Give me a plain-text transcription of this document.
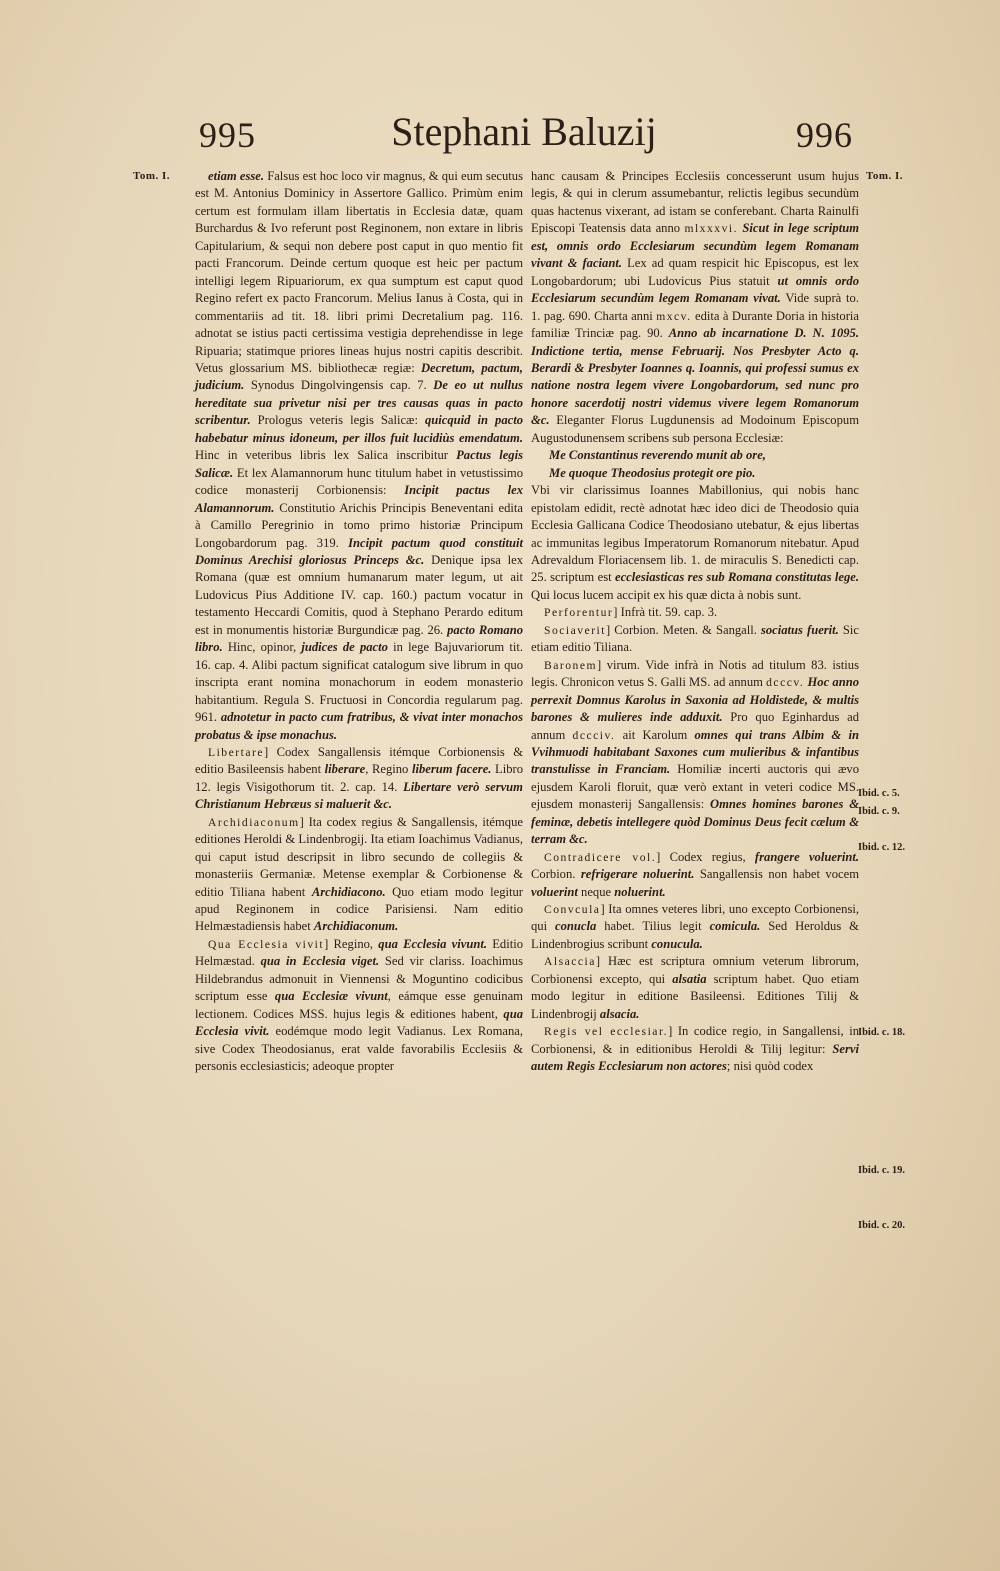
995	Stephani Baluzij	996
Tom. I.	Tom. I.

etiam esse. Falsus est hoc loco vir magnus, & qui eum secutus est M. Antonius Dominicy in Assertore Gallico. Primùm enim certum est formulam illam libertatis in Ecclesia datæ, quam Burchardus & Ivo referunt post Reginonem, non extare in libris Capitularium, & sequi non debere post caput in quo mentio fit pacti Francorum. Deinde certum quoque est heic per pactum intelligi legem Ripuariorum, ex qua sumptum est caput quod Regino refert ex pacto Francorum. Melius Ianus à Costa, qui in commentariis ad tit. 18. libri primi Decretalium pag. 116. adnotat se istius pacti certissima vestigia deprehendisse in lege Ripuaria; statimque priores lineas hujus nostri capitis describit. Vetus glossarium MS. bibliothecæ regiæ: Decretum, pactum, judicium. Synodus Dingolvingensis cap. 7. De eo ut nullus hereditate sua privetur nisi per tres causas quas in pacto scribentur. Prologus veteris legis Salicæ: quicquid in pacto habebatur minus idoneum, per illos fuit lucidiùs emendatum. Hinc in veteribus libris lex Salica inscribitur Pactus legis Salicæ. Et lex Alamannorum hunc titulum habet in vetustissimo codice monasterij Corbionensis: Incipit pactus lex Alamannorum. Constitutio Arichis Principis Beneventani edita à Camillo Peregrinio in tomo primo historiæ Principum Longobardorum pag. 319. Incipit pactum quod constituit Dominus Arechisi gloriosus Princeps &c. Denique ipsa lex Romana (quæ est omnium humanarum mater legum, ut ait Ludovicus Pius Additione IV. cap. 160.) pactum vocatur in testamento Heccardi Comitis, quod à Stephano Perardo editum est in monumentis historiæ Burgundicæ pag. 26. pacto Romano libro. Hinc, opinor, judices de pacto in lege Bajuvariorum tit. 16. cap. 4. Alibi pactum significat catalogum sive librum in quo inscripta erant nomina monachorum in eodem monasterio habitantium. Regula S. Fructuosi in Concordia regularum pag. 961. adnotetur in pacto cum fratribus, & vivat inter monachos probatus & ipse monachus.

Libertare] Codex Sangallensis itémque Corbionensis & editio Basileensis habent liberare, Regino liberum facere. Libro 12. legis Visigothorum tit. 2. cap. 14. Libertare verò servum Christianum Hebræus si maluerit &c.

Archidiaconum] Ita codex regius & Sangallensis, itémque editiones Heroldi & Lindenbrogij. Ita etiam Ioachimus Vadianus, qui caput istud descripsit in libro secundo de collegiis & monasteriis Germaniæ. Metense exemplar & Corbionense & editio Tiliana habent Archidiacono. Quo etiam modo legitur apud Reginonem in codice Parisiensi. Nam editio Helmæstadiensis habet Archidiaconum.

Qua Ecclesia vivit] Regino, qua Ecclesia vivunt. Editio Helmæstad. qua in Ecclesia viget. Sed vir clariss. Ioachimus Hildebrandus admonuit in Viennensi & Moguntino codicibus scriptum esse qua Ecclesiæ vivunt, eámque esse genuinam lectionem. Codices MSS. hujus legis & editiones habent, qua Ecclesia vivit. eodémque modo legit Vadianus. Lex Romana, sive Codex Theodosianus, erat valde favorabilis Ecclesiis & personis ecclesiasticis; adeoque propter

hanc causam & Principes Ecclesiis concesserunt usum hujus legis, & qui in clerum assumebantur, relictis legibus secundùm quas hactenus vixerant, ad istam se conferebant. Charta Rainulfi Episcopi Teatensis data anno mlxxxvi. Sicut in lege scriptum est, omnis ordo Ecclesiarum secundùm legem Romanam vivant & faciant. Lex ad quam respicit hic Episcopus, est lex Longobardorum; ubi Ludovicus Pius statuit ut omnis ordo Ecclesiarum secundùm legem Romanam vivat. Vide suprà to. 1. pag. 690. Charta anni mxcv. edita à Durante Doria in historia familiæ Trinciæ pag. 90. Anno ab incarnatione D. N. 1095. Indictione tertia, mense Februarij. Nos Presbyter Acto q. Berardi & Presbyter Ioannes q. Ioannis, qui professi sumus ex natione nostra legem vivere Longobardorum, sed nunc pro honore sacerdotij nostri videmus vivere legem Romanorum &c. Eleganter Florus Lugdunensis ad Modoinum Episcopum Augustodunensem scribens sub persona Ecclesiæ:

Me Constantinus reverendo munit ab ore,

Me quoque Theodosius protegit ore pio.

Vbi vir clarissimus Ioannes Mabillonius, qui nobis hanc epistolam edidit, rectè adnotat hæc ideo dici de Theodosio quia Ecclesia Gallicana Codice Theodosiano utebatur, & ejus libertas ac immunitas legibus Imperatorum Romanorum nitebatur. Apud Adrevaldum Floriacensem lib. 1. de miraculis S. Benedicti cap. 25. scriptum est ecclesiasticas res sub Romana constitutas lege. Qui locus lucem accipit ex his quæ dicta à nobis sunt.

Perforentur] Infrà tit. 59. cap. 3.

Sociaverit] Corbion. Meten. & Sangall. sociatus fuerit. Sic etiam editio Tiliana.

Baronem] virum. Vide infrà in Notis ad titulum 83. istius legis. Chronicon vetus S. Galli MS. ad annum dcccv. Hoc anno perrexit Domnus Karolus in Saxonia ad Holdistede, & multis barones & mulieres inde adduxit. Pro quo Eginhardus ad annum dccciv. ait Karolum omnes qui trans Albim & in Vvihmuodi habitabant Saxones cum mulieribus & infantibus transtulisse in Franciam. Homiliæ incerti auctoris qui ævo ejusdem Karoli floruit, quæ verò extant in veteri codice MS. ejusdem monasterij Sangallensis: Omnes homines barones & feminæ, debetis intellegere quòd Dominus Deus fecit cælum & terram &c.

Contradicere vol.] Codex regius, frangere voluerint. Corbion. refrigerare noluerint. Sangallensis non habet vocem voluerint neque noluerint.

Convcula] Ita omnes veteres libri, uno excepto Corbionensi, qui conucla habet. Tilius legit comicula. Sed Heroldus & Lindenbrogius scribunt conucula.

Alsaccia] Hæc est scriptura omnium veterum librorum, Corbionensi excepto, qui alsatia scriptum habet. Quo etiam modo legitur in editione Basileensi. Editiones Tilij & Lindenbrogij alsacia.

Regis vel ecclesiar.] In codice regio, in Sangallensi, in Corbionensi, & in editionibus Heroldi & Tilij legitur: Servi autem Regis Ecclesiarum non actores; nisi quòd codex

Ibid. c. 5.
Ibid. c. 9.
Ibid. c. 12.
Ibid. c. 18.
Ibid. c. 19.
Ibid. c. 20.
